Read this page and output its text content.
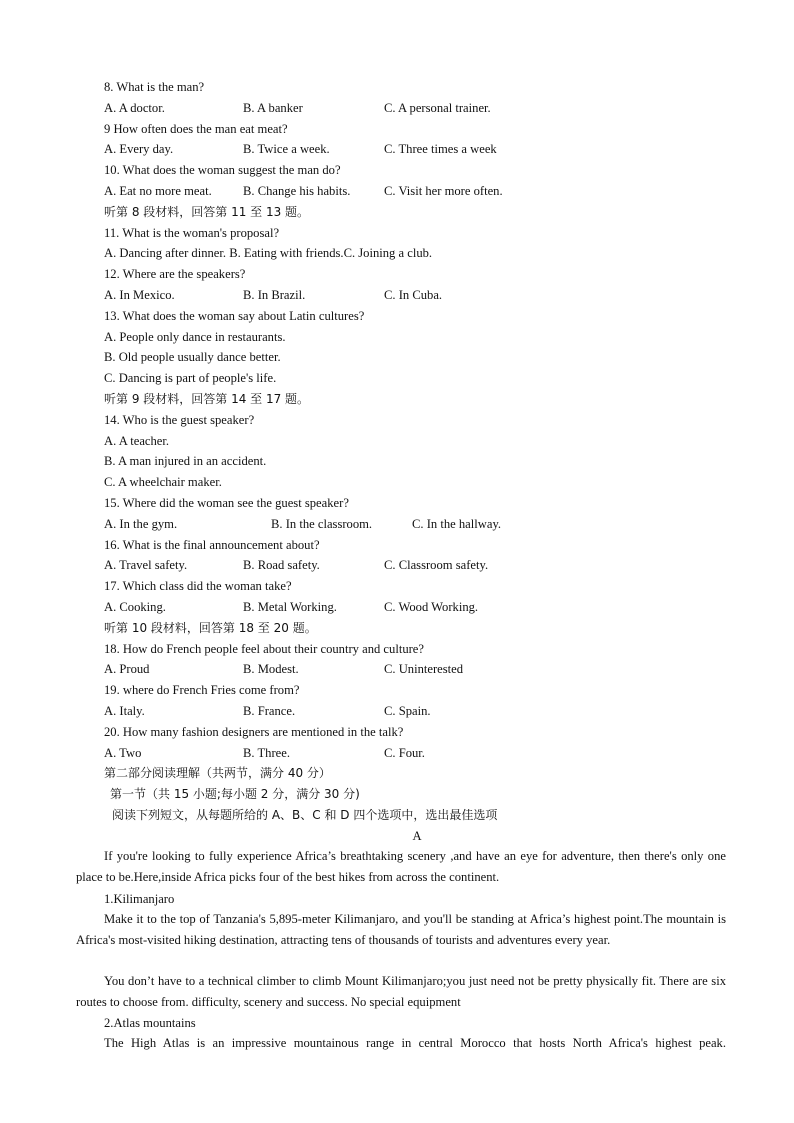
8. What is the man?
A. A doctor.	B. A banker	C. A personal trainer.
9 How often does the man eat meat?
A. Every day.	B. Twice a week.	C. Three times a week
10. What does the woman suggest the man do?
A. Eat no more meat. B. Change his habits.	C. Visit her more often.
听第 8 段材料，回答第 11 至 13 题。
11. What is the woman's proposal?
A. Dancing after dinner. B. Eating with friends.C. Joining a club.
12. Where are the speakers?
A. In Mexico.	B. In Brazil.	C. In Cuba.
13. What does the woman say about Latin cultures?
A. People only dance in restaurants.
B. Old people usually dance better.
C. Dancing is part of people's life.
听第 9 段材料，回答第 14 至 17 题。
14. Who is the guest speaker?
A. A teacher.
B. A man injured in an accident.
C. A wheelchair maker.
15. Where did the woman see the guest speaker?
A. In the gym.	B. In the classroom.	C. In the hallway.
16. What is the final announcement about?
A. Travel safety.	B. Road safety.	C. Classroom safety.
17. Which class did the woman take?
A. Cooking.	B. Metal Working.	C. Wood Working.
听第 10 段材料，回答第 18 至 20 题。
18. How do French people feel about their country and culture?
A. Proud	B. Modest.	C. Uninterested
19. where do French Fries come from?
A. Italy.	B. France.	C. Spain.
20. How many fashion designers are mentioned in the talk?
A. Two	B. Three.	C. Four.
第二部分阅读理解（共两节，满分 40 分）
第一节（共 15 小题;每小题 2 分，满分 30 分)
阅读下列短文，从每题所给的 A、B、C 和 D 四个选项中，选出最佳选项
A
If you're looking to fully experience Africa’s breathtaking scenery ,and have an eye for adventure, then there's only one place to be.Here,inside Africa picks four of the best hikes from across the continent.
1.Kilimanjaro
Make it to the top of Tanzania's 5,895-meter Kilimanjaro, and you'll be standing at Africa’s highest point.The mountain is Africa's most-visited hiking destination, attracting tens of thousands of tourists and adventures every year.
You don’t have to a technical climber to climb Mount Kilimanjaro;you just need not be pretty physically fit. There are six routes to choose from. difficulty, scenery and success. No special equipment
2.Atlas mountains
The High Atlas is an impressive mountainous range in central Morocco that hosts North Africa's highest peak.
